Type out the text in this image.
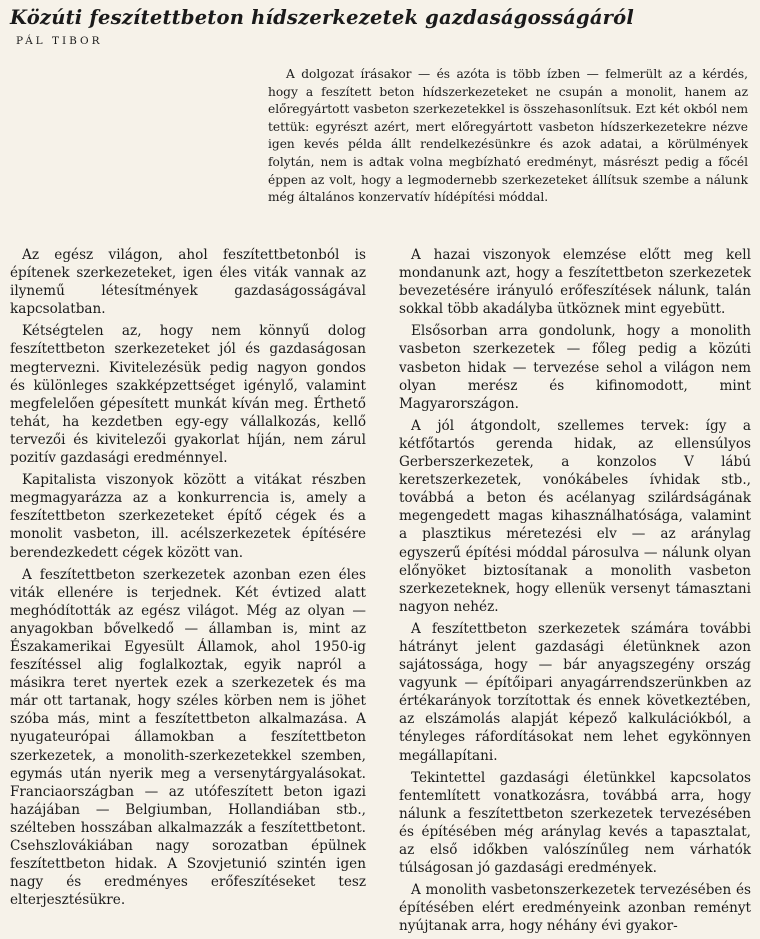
Közúti feszítettbeton hídszerkezetek gazdaságosságáról
PÁL TIBOR

A dolgozat írásakor — és azóta is több ízben — felmerült az a kérdés, hogy a feszített beton hídszerkezeteket ne csupán a monolit, hanem az előregyártott vasbeton szerkezetekkel is összehasonlítsuk. Ezt két okból nem tettük: egyrészt azért, mert előregyártott vasbeton hídszerkezetekre nézve igen kevés példa állt rendelkezésünkre és azok adatai, a körülmények folytán, nem is adtak volna megbízható eredményt, másrészt pedig a főcél éppen az volt, hogy a legmodernebb szerkezeteket állítsuk szembe a nálunk még általános konzervatív hídépítési móddal.

Az egész világon, ahol feszítettbetonból is építenek szerkezeteket, igen éles viták vannak az ilynemű létesítmények gazdaságosságával kapcsolatban.

Kétségtelen az, hogy nem könnyű dolog feszítettbeton szerkezeteket jól és gazdaságosan megtervezni. Kivitelezésük pedig nagyon gondos és különleges szakképzettséget igénylő, valamint megfelelően gépesített munkát kíván meg. Érthető tehát, ha kezdetben egy-egy vállalkozás, kellő tervezői és kivitelezői gyakorlat híján, nem zárul pozitív gazdasági eredménnyel.

Kapitalista viszonyok között a vitákat részben megmagyarázza az a konkurrencia is, amely a feszítettbeton szerkezeteket építő cégek és a monolit vasbeton, ill. acélszerkezetek építésére berendezkedett cégek között van.

A feszítettbeton szerkezetek azonban ezen éles viták ellenére is terjednek. Két évtized alatt meghódították az egész világot. Még az olyan — anyagokban bővelkedő — államban is, mint az Északamerikai Egyesült Államok, ahol 1950-ig feszítéssel alig foglalkoztak, egyik napról a másikra teret nyertek ezek a szerkezetek és ma már ott tartanak, hogy széles körben nem is jöhet szóba más, mint a feszítettbeton alkalmazása. A nyugateurópai államokban a feszítettbeton szerkezetek, a monolith-szerkezetekkel szemben, egymás után nyerik meg a versenytárgyalásokat. Franciaországban — az utófeszített beton igazi hazájában — Belgiumban, Hollandiában stb., szélteben hosszában alkalmazzák a feszítettbetont. Csehszlovákiában nagy sorozatban épülnek feszítettbeton hidak. A Szovjetunió szintén igen nagy és eredményes erőfeszítéseket tesz elterjesztésükre.

A hazai viszonyok elemzése előtt meg kell mondanunk azt, hogy a feszítettbeton szerkezetek bevezetésére irányuló erőfeszítések nálunk, talán sokkal több akadályba ütköznek mint egyebütt.

Elsősorban arra gondolunk, hogy a monolith vasbeton szerkezetek — főleg pedig a közúti vasbeton hidak — tervezése sehol a világon nem olyan merész és kifinomodott, mint Magyarországon.

A jól átgondolt, szellemes tervek: így a kétfőtartós gerenda hidak, az ellensúlyos Gerberszerkezetek, a konzolos V lábú keretszerkezetek, vonókábeles ívhidak stb., továbbá a beton és acélanyag szilárdságának megengedett magas kihasználhatósága, valamint a plasztikus méretezési elv — az aránylag egyszerű építési móddal párosulva — nálunk olyan előnyöket biztosítanak a monolith vasbeton szerkezeteknek, hogy ellenük versenyt támasztani nagyon nehéz.

A feszítettbeton szerkezetek számára további hátrányt jelent gazdasági életünknek azon sajátossága, hogy — bár anyagszegény ország vagyunk — építőipari anyagárrendszerünkben az értékarányok torzítottak és ennek következtében, az elszámolás alapját képező kalkulációkból, a tényleges ráfordításokat nem lehet egykönnyen megállapítani.

Tekintettel gazdasági életünkkel kapcsolatos fentemlített vonatkozásra, továbbá arra, hogy nálunk a feszítettbeton szerkezetek tervezésében és építésében még aránylag kevés a tapasztalat, az első időkben valószínűleg nem várhatók túlságosan jó gazdasági eredmények.

A monolith vasbetonszerkezetek tervezésében és építésében elért eredményeink azonban reményt nyújtanak arra, hogy néhány évi gyakor-
